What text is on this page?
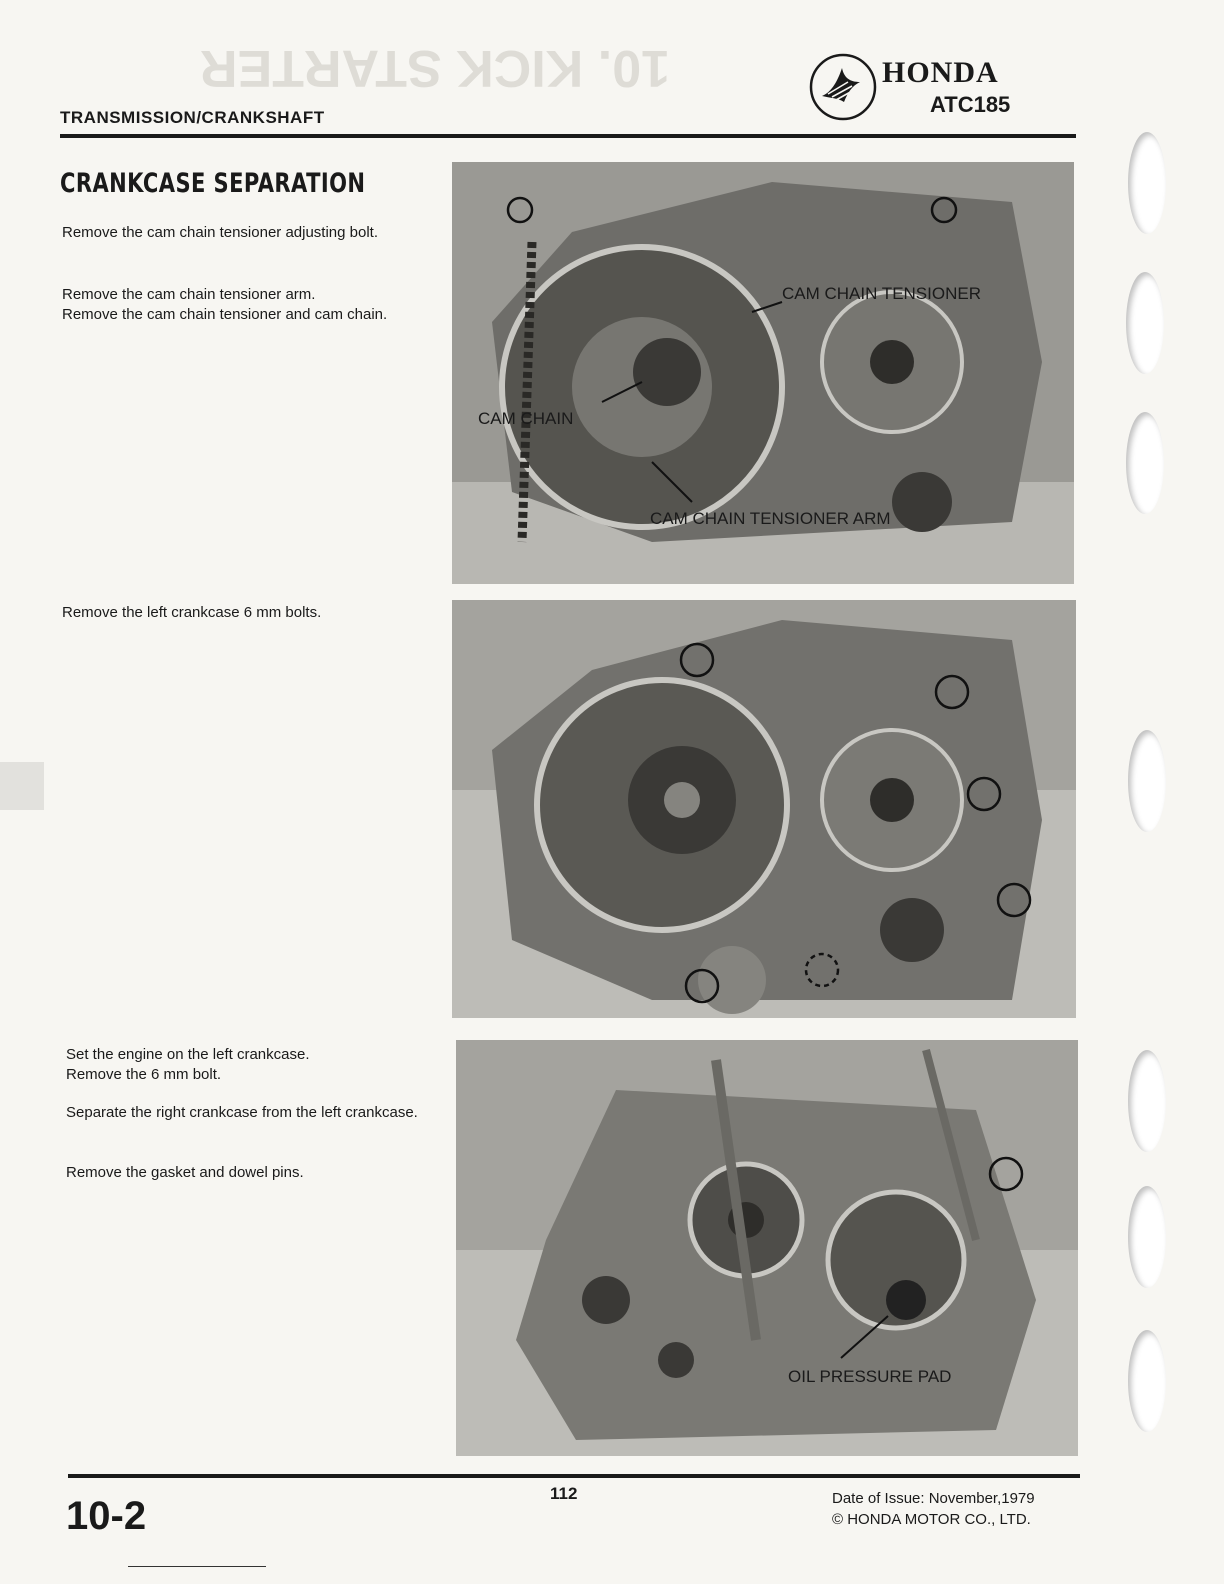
10. KICK STARTER
TRANSMISSION/CRANKSHAFT
HONDA
ATC185
CRANKCASE SEPARATION

Remove the cam chain tensioner adjusting bolt.

Remove the cam chain tensioner arm.

Remove the cam chain tensioner and cam chain.

Remove the left crankcase 6 mm bolts.

Set the engine on the left crankcase.

Remove the 6 mm bolt.

Separate the right crankcase from the left crankcase.

Remove the gasket and dowel pins.

CAM CHAIN TENSIONER
CAM CHAIN
CAM CHAIN TENSIONER ARM
OIL PRESSURE PAD
10-2
112	Date of Issue: November,1979
© HONDA MOTOR CO., LTD.
